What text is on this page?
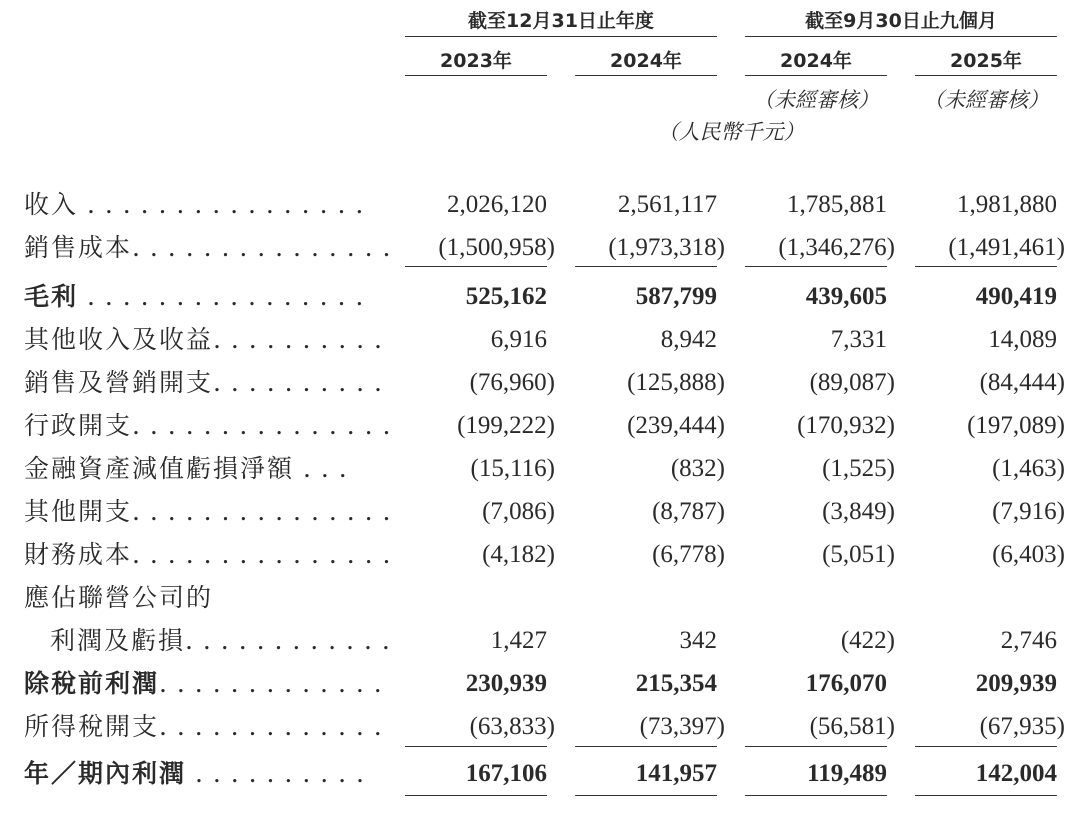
截至12月31日止年度	截至9月30日止九個月
2023年	2024年	2024年	2025年
（未經審核）	（未經審核）
（人民幣千元）
收入 . . . . . . . . . . . . . . . .	2,026,120	2,561,117	1,785,881	1,981,880
銷售成本. . . . . . . . . . . . . . .	(1,500,958)	(1,973,318)	(1,346,276)	(1,491,461)
毛利 . . . . . . . . . . . . . . . .	525,162	587,799	439,605	490,419
其他收入及收益. . . . . . . . . .	6,916	8,942	7,331	14,089
銷售及營銷開支. . . . . . . . . .	(76,960)	(125,888)	(89,087)	(84,444)
行政開支. . . . . . . . . . . . . . .	(199,222)	(239,444)	(170,932)	(197,089)
金融資產減值虧損淨額 . . .	(15,116)	(832)	(1,525)	(1,463)
其他開支. . . . . . . . . . . . . . .	(7,086)	(8,787)	(3,849)	(7,916)
財務成本. . . . . . . . . . . . . . .	(4,182)	(6,778)	(5,051)	(6,403)
應佔聯營公司的
利潤及虧損. . . . . . . . . . . .	1,427	342	(422)	2,746
除稅前利潤. . . . . . . . . . . . .	230,939	215,354	176,070	209,939
所得稅開支. . . . . . . . . . . . .	(63,833)	(73,397)	(56,581)	(67,935)
年／期內利潤 . . . . . . . . . .	167,106	141,957	119,489	142,004
